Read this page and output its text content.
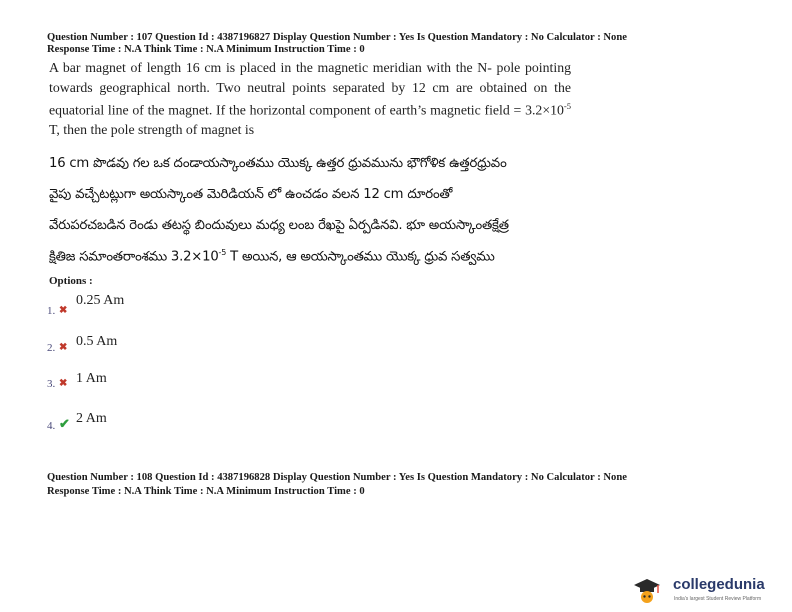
Question Number : 107 Question Id : 4387196827 Display Question Number : Yes Is Question Mandatory : No Calculator : None
Response Time : N.A Think Time : N.A Minimum Instruction Time : 0
A bar magnet of length 16 cm is placed in the magnetic meridian with the N- pole pointing towards geographical north. Two neutral points separated by 12 cm are obtained on the equatorial line of the magnet. If the horizontal component of earth’s magnetic field = $3.2\times 10^{-5}$ T, then the pole strength of magnet is
16 cm పొడవు గల ఒక దండాయస్కాంతము యొక్క ఉత్తర ధ్రువమును భౌగోళిక ఉత్తరధ్రువం
వైపు వచ్చేటట్లుగా అయస్కాంత మెరిడియన్ లో ఉంచడం వలన 12 cm దూరంతో
వేరుపరచబడిన రెండు తటస్థ బిందువులు మధ్య లంబ రేఖపై ఏర్పడినవి. భూ అయస్కాంతక్షేత్ర
క్షితిజ సమాంతరాంశము $3.2\times 10^{-5}$ T అయిన, ఆ అయస్కాంతము యొక్క ధ్రువ సత్వము
Options :
1. ✖
0.25 Am
2. ✖ 0.5 Am
3. ✖ 1 Am
4. ✔ 2 Am
Question Number : 108 Question Id : 4387196828 Display Question Number : Yes Is Question Mandatory : No Calculator : None
Response Time : N.A Think Time : N.A Minimum Instruction Time : 0
collegedunia
India's largest Student Review Platform
